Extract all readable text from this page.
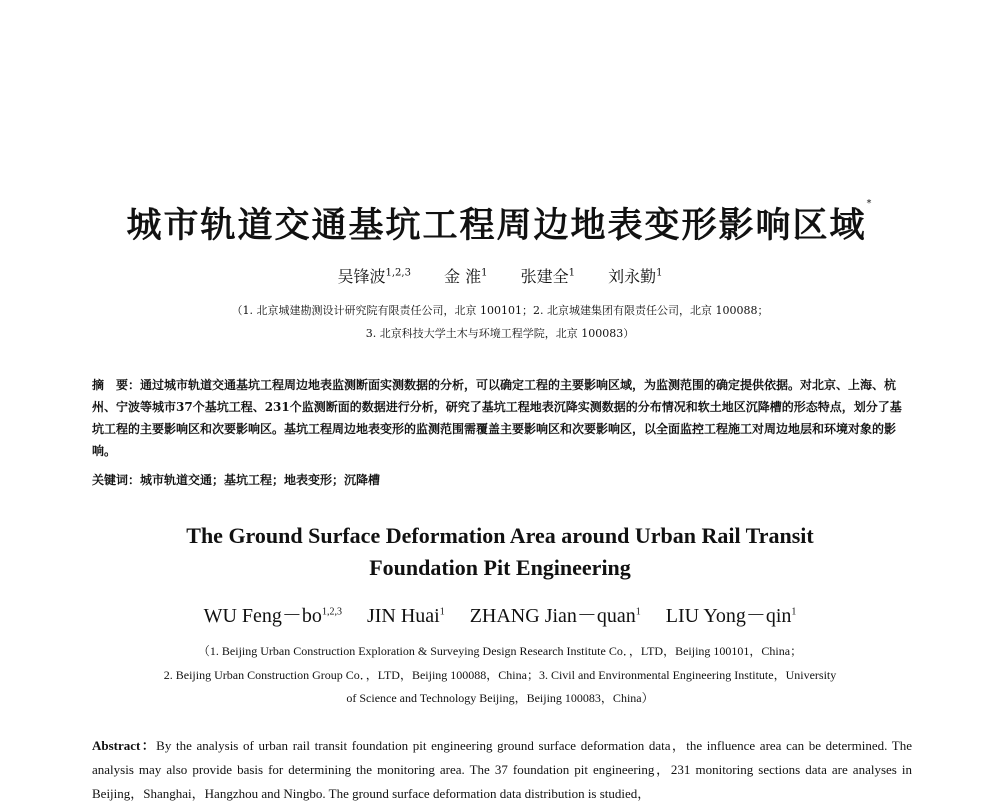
城市轨道交通基坑工程周边地表变形影响区域*
吴锋波$^{1,2,3}$ 金 淮$^1$ 张建全$^1$ 刘永勤$^1$
（1. 北京城建勘测设计研究院有限责任公司，北京 100101；2. 北京城建集团有限责任公司，北京 100088；
3. 北京科技大学土木与环境工程学院，北京 100083）
摘　要：通过城市轨道交通基坑工程周边地表监测断面实测数据的分析，可以确定工程的主要影响区域，为监测范围的确定提供依据。对北京、上海、杭州、宁波等城市37个基坑工程、231个监测断面的数据进行分析，研究了基坑工程地表沉降实测数据的分布情况和软土地区沉降槽的形态特点，划分了基坑工程的主要影响区和次要影响区。基坑工程周边地表变形的监测范围需覆盖主要影响区和次要影响区，以全面监控工程施工对周边地层和环境对象的影响。
关键词：城市轨道交通；基坑工程；地表变形；沉降槽
The Ground Surface Deformation Area around Urban Rail Transit
Foundation Pit Engineering
WU Feng－bo$^{1,2,3}$ JIN Huai$^1$ ZHANG Jian－quan$^1$ LIU Yong－qin$^1$
（1. Beijing Urban Construction Exploration & Surveying Design Research Institute Co．，LTD，Beijing 100101，China；
2. Beijing Urban Construction Group Co．，LTD，Beijing 100088，China；3. Civil and Environmental Engineering Institute，University
of Science and Technology Beijing，Beijing 100083，China）
Abstract：By the analysis of urban rail transit foundation pit engineering ground surface deformation data，the influence area can be determined. The analysis may also provide basis for determining the monitoring area. The 37 foundation pit engineering，231 monitoring sections data are analyses in Beijing，Shanghai，Hangzhou and Ningbo. The ground surface deformation data distribution is studied，
